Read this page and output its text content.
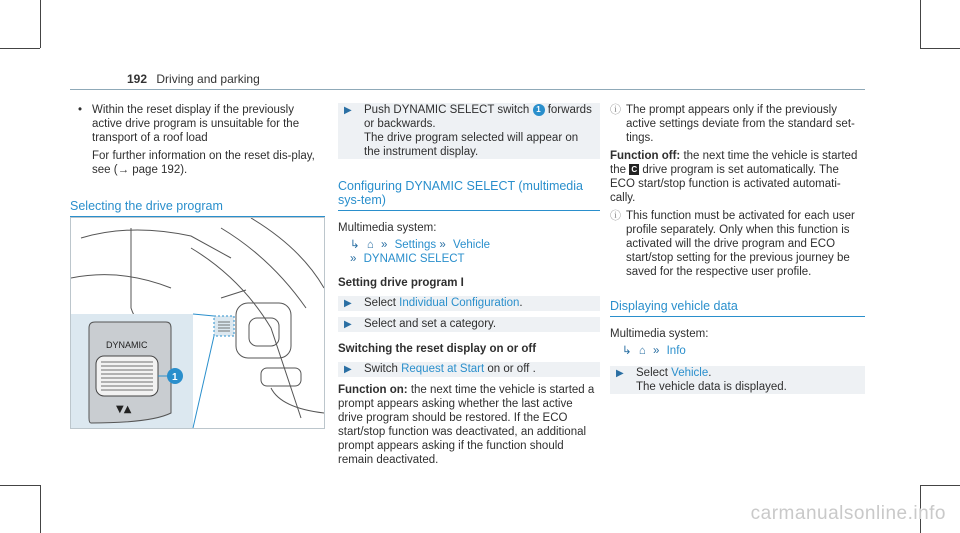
192 Driving and parking
• Within the reset display if the previously active drive program is unsuitable for the transport of a roof load
For further information on the reset dis‐play, see (→ page 192).
Selecting the drive program
DYNAMIC
▼▲
1
▶	Push DYNAMIC SELECT switch 1 forwards or backwards.
The drive program selected will appear on the instrument display.
Configuring DYNAMIC SELECT (multimedia sys‐tem)
Multimedia system:
↳ ⌂ » Settings » Vehicle
» DYNAMIC SELECT
Setting drive program I
▶	Select Individual Configuration.
▶	Select and set a category.
Switching the reset display on or off
▶	Switch Request at Start on or off .
Function on: the next time the vehicle is started a prompt appears asking whether the last active drive program should be restored. If the ECO start/stop function was deactivated, an additional prompt appears asking if the function should remain deactivated.
ⓘ The prompt appears only if the previously active settings deviate from the standard set‐tings.
Function off: the next time the vehicle is started the C drive program is set automatically. The ECO start/stop function is activated automati‐cally.
ⓘ This function must be activated for each user profile separately. Only when this function is activated will the drive program and ECO start/stop setting for the previous journey be saved for the respective user profile.
Displaying vehicle data
Multimedia system:
↳ ⌂ » Info
▶	Select Vehicle.
The vehicle data is displayed.
carmanualsonline.info
